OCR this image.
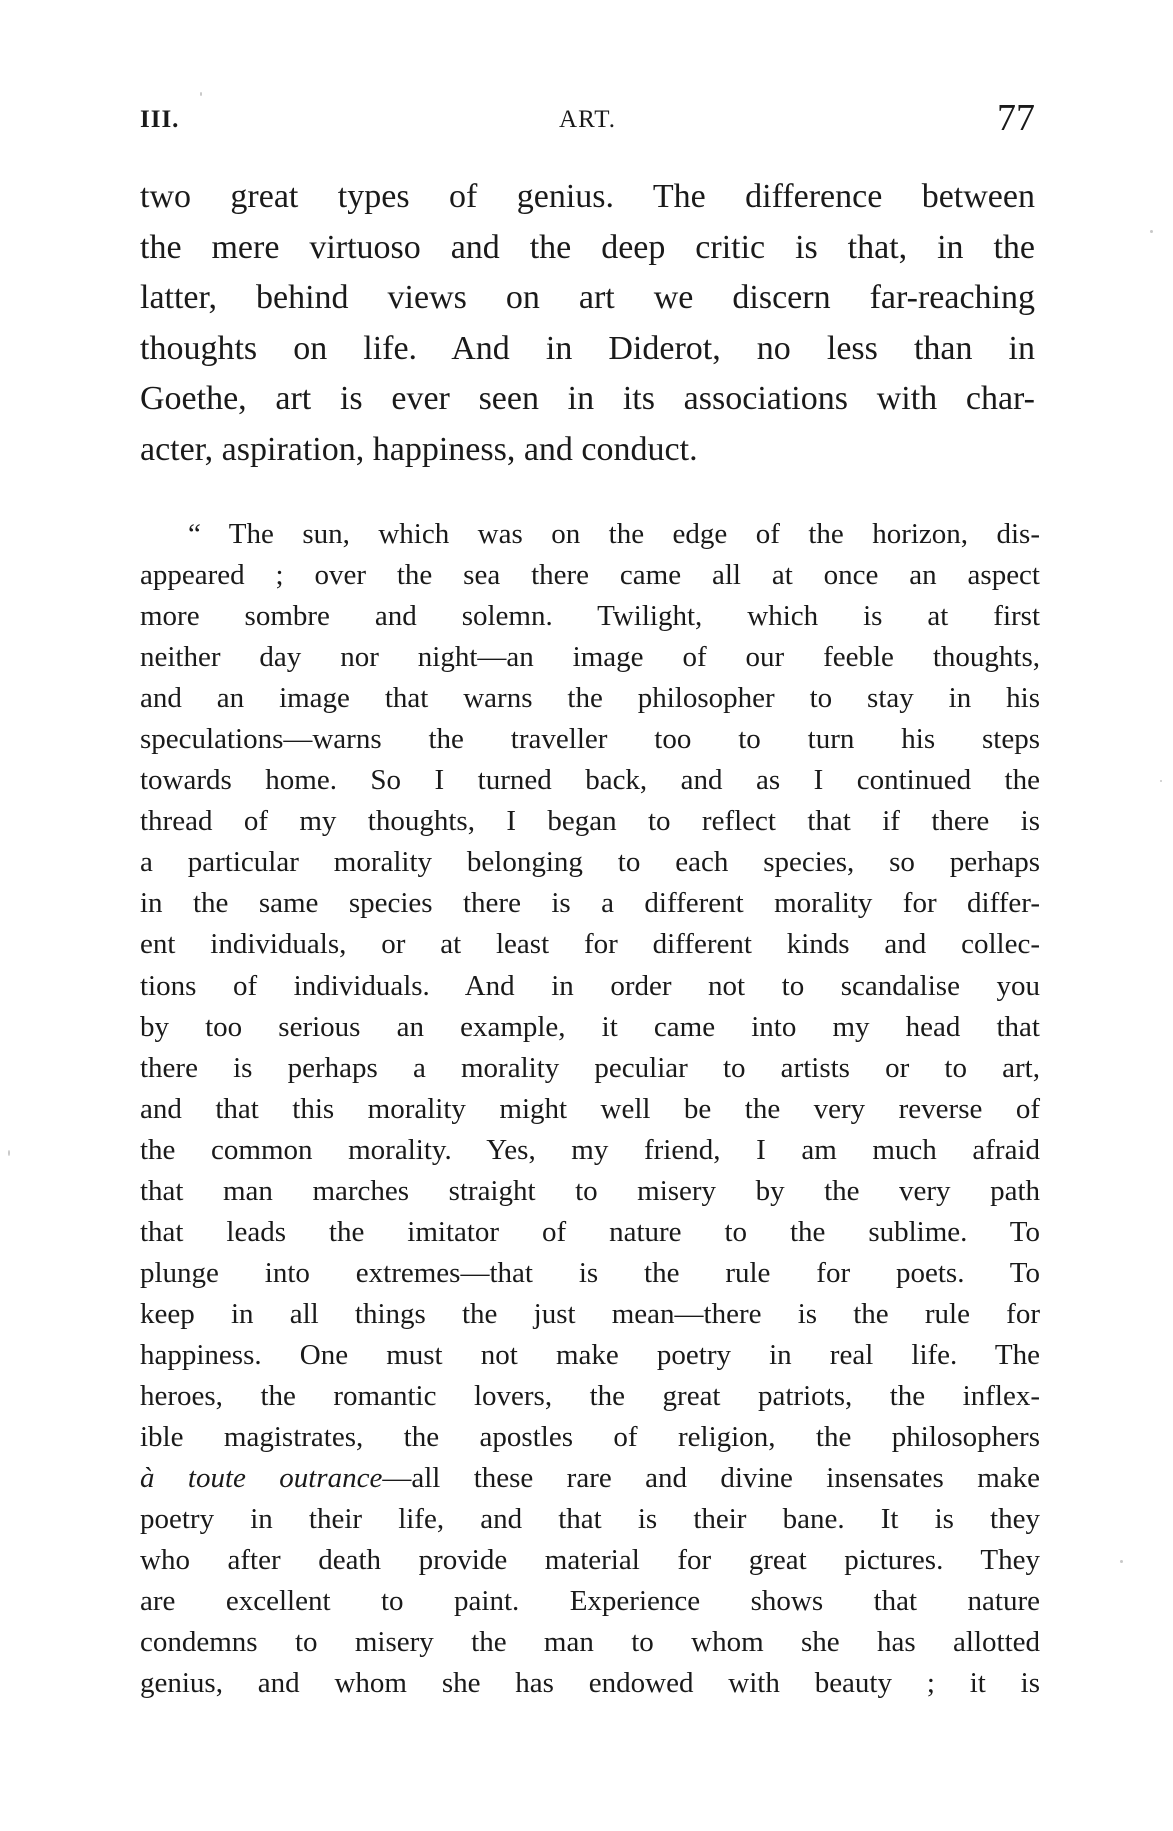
III.	ART.	77
two great types of genius. The difference between
the mere virtuoso and the deep critic is that, in the
latter, behind views on art we discern far-reaching
thoughts on life. And in Diderot, no less than in
Goethe, art is ever seen in its associations with char-
acter, aspiration, happiness, and conduct.
“ The sun, which was on the edge of the horizon, dis-
appeared ; over the sea there came all at once an aspect
more sombre and solemn. Twilight, which is at first
neither day nor night—an image of our feeble thoughts,
and an image that warns the philosopher to stay in his
speculations—warns the traveller too to turn his steps
towards home. So I turned back, and as I continued the
thread of my thoughts, I began to reflect that if there is
a particular morality belonging to each species, so perhaps
in the same species there is a different morality for differ-
ent individuals, or at least for different kinds and collec-
tions of individuals. And in order not to scandalise you
by too serious an example, it came into my head that
there is perhaps a morality peculiar to artists or to art,
and that this morality might well be the very reverse of
the common morality. Yes, my friend, I am much afraid
that man marches straight to misery by the very path
that leads the imitator of nature to the sublime. To
plunge into extremes—that is the rule for poets. To
keep in all things the just mean—there is the rule for
happiness. One must not make poetry in real life. The
heroes, the romantic lovers, the great patriots, the inflex-
ible magistrates, the apostles of religion, the philosophers
à toute outrance—all these rare and divine insensates make
poetry in their life, and that is their bane. It is they
who after death provide material for great pictures. They
are excellent to paint. Experience shows that nature
condemns to misery the man to whom she has allotted
genius, and whom she has endowed with beauty ; it is
